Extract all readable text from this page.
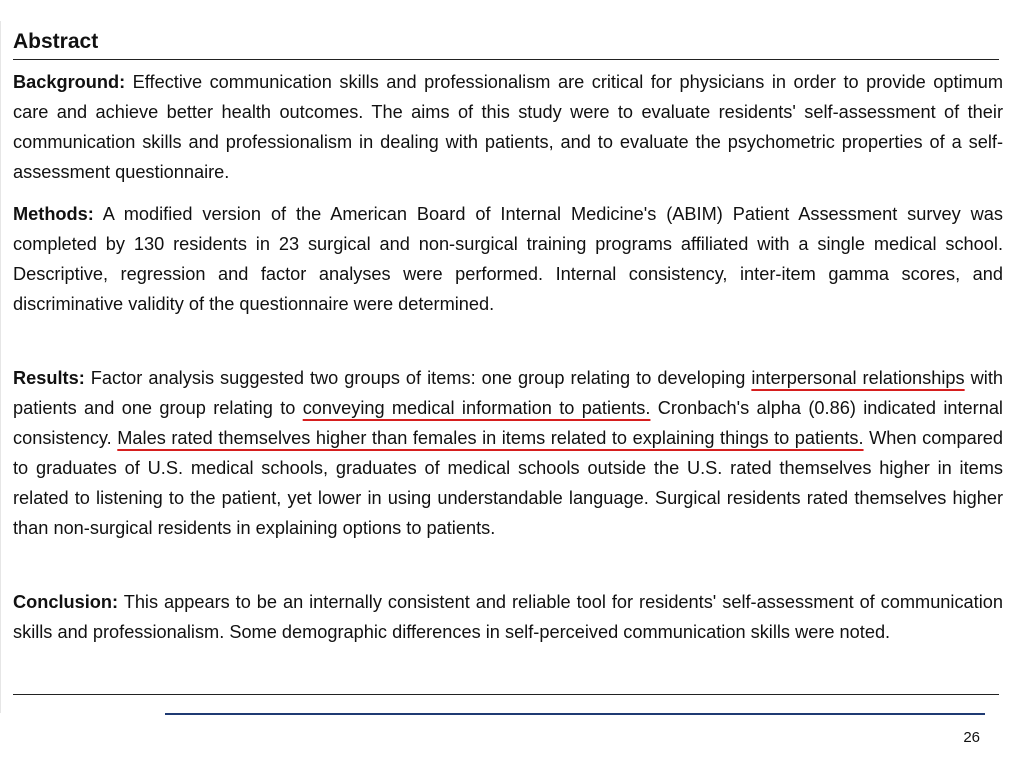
Abstract

Background: Effective communication skills and professionalism are critical for physicians in order to provide optimum care and achieve better health outcomes. The aims of this study were to evaluate residents' self-assessment of their communication skills and professionalism in dealing with patients, and to evaluate the psychometric properties of a self-assessment questionnaire.

Methods: A modified version of the American Board of Internal Medicine's (ABIM) Patient Assessment survey was completed by 130 residents in 23 surgical and non-surgical training programs affiliated with a single medical school. Descriptive, regression and factor analyses were performed. Internal consistency, inter-item gamma scores, and discriminative validity of the questionnaire were determined.

Results: Factor analysis suggested two groups of items: one group relating to developing interpersonal relationships with patients and one group relating to conveying medical information to patients. Cronbach's alpha (0.86) indicated internal consistency. Males rated themselves higher than females in items related to explaining things to patients. When compared to graduates of U.S. medical schools, graduates of medical schools outside the U.S. rated themselves higher in items related to listening to the patient, yet lower in using understandable language. Surgical residents rated themselves higher than non-surgical residents in explaining options to patients.

Conclusion: This appears to be an internally consistent and reliable tool for residents' self-assessment of communication skills and professionalism. Some demographic differences in self-perceived communication skills were noted.

26
